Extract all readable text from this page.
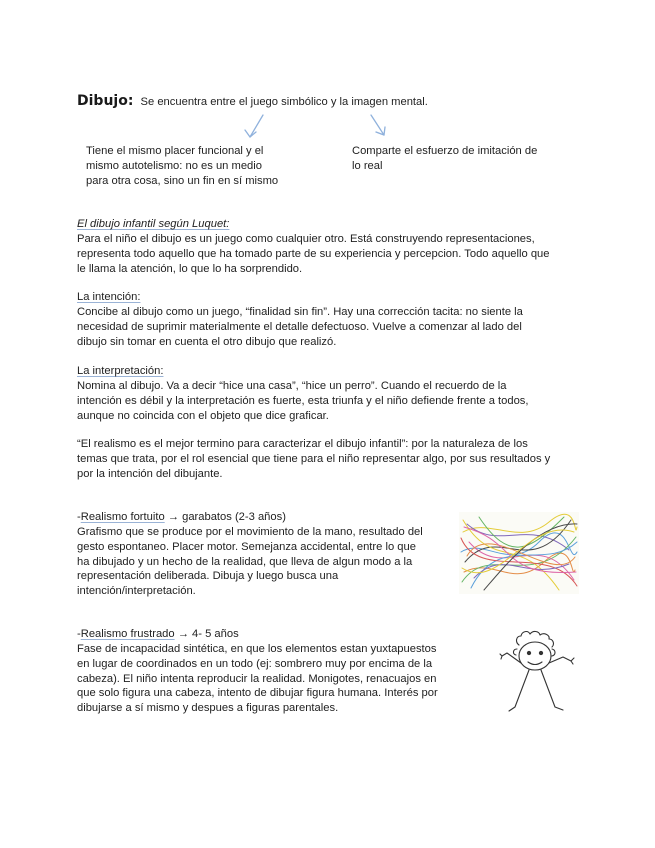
Dibujo: Se encuentra entre el juego simbólico y la imagen mental.
Tiene el mismo placer funcional y el
mismo autotelismo: no es un medio
para otra cosa, sino un fin en sí mismo
Comparte el esfuerzo de imitación de
lo real
El dibujo infantil según Luquet:
Para el niño el dibujo es un juego como cualquier otro. Está construyendo representaciones,
representa todo aquello que ha tomado parte de su experiencia y percepcion. Todo aquello que
le llama la atención, lo que lo ha sorprendido.
La intención:
Concibe al dibujo como un juego, “finalidad sin fin”. Hay una corrección tacita: no siente la
necesidad de suprimir materialmente el detalle defectuoso. Vuelve a comenzar al lado del
dibujo sin tomar en cuenta el otro dibujo que realizó.
La interpretación:
Nomina al dibujo. Va a decir “hice una casa”, “hice un perro”. Cuando el recuerdo de la
intención es débil y la interpretación es fuerte, esta triunfa y el niño defiende frente a todos,
aunque no coincida con el objeto que dice graficar.
“El realismo es el mejor termino para caracterizar el dibujo infantil”: por la naturaleza de los
temas que trata, por el rol esencial que tiene para el niño representar algo, por sus resultados y
por la intención del dibujante.
-Realismo fortuito → garabatos (2-3 años)
Grafismo que se produce por el movimiento de la mano, resultado del
gesto espontaneo. Placer motor. Semejanza accidental, entre lo que
ha dibujado y un hecho de la realidad, que lleva de algun modo a la
representación deliberada. Dibuja y luego busca una
intención/interpretación.
-Realismo frustrado → 4- 5 años
Fase de incapacidad sintética, en que los elementos estan yuxtapuestos
en lugar de coordinados en un todo (ej: sombrero muy por encima de la
cabeza). El niño intenta reproducir la realidad. Monigotes, renacuajos en
que solo figura una cabeza, intento de dibujar figura humana. Interés por
dibujarse a sí mismo y despues a figuras parentales.
